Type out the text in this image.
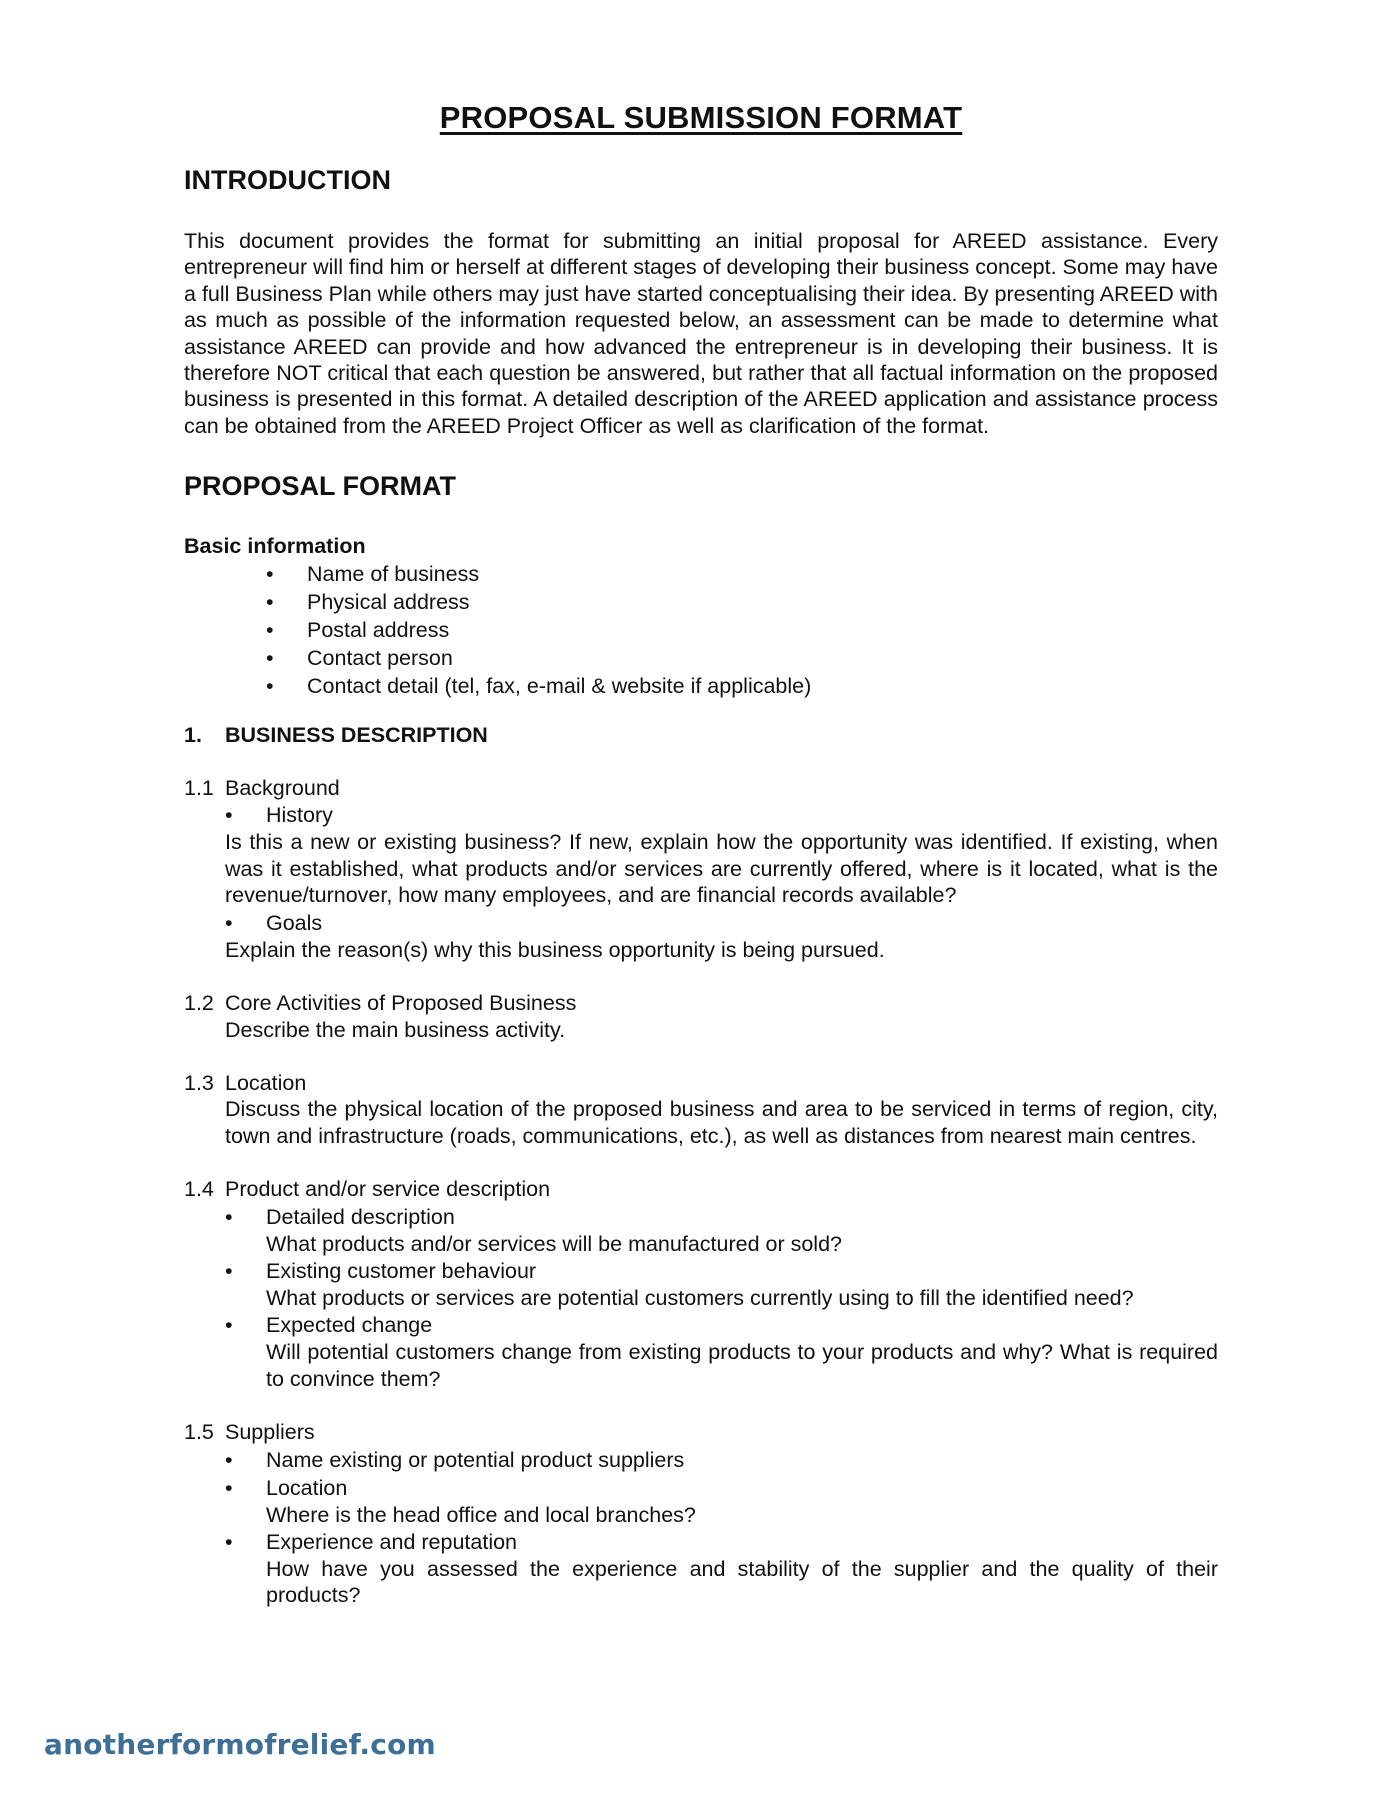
PROPOSAL SUBMISSION FORMAT
INTRODUCTION

This document provides the format for submitting an initial proposal for AREED assistance. Every entrepreneur will find him or herself at different stages of developing their business concept. Some may have a full Business Plan while others may just have started conceptualising their idea. By presenting AREED with as much as possible of the information requested below, an assessment can be made to determine what assistance AREED can provide and how advanced the entrepreneur is in developing their business. It is therefore NOT critical that each question be answered, but rather that all factual information on the proposed business is presented in this format. A detailed description of the AREED application and assistance process can be obtained from the AREED Project Officer as well as clarification of the format.

PROPOSAL FORMAT
Basic information
• Name of business
• Physical address
• Postal address
• Contact person
• Contact detail (tel, fax, e-mail & website if applicable)
1. BUSINESS DESCRIPTION
1.1 Background
• History
Is this a new or existing business? If new, explain how the opportunity was identified. If existing, when was it established, what products and/or services are currently offered, where is it located, what is the revenue/turnover, how many employees, and are financial records available?
• Goals
Explain the reason(s) why this business opportunity is being pursued.
1.2 Core Activities of Proposed Business
Describe the main business activity.
1.3 Location
Discuss the physical location of the proposed business and area to be serviced in terms of region, city, town and infrastructure (roads, communications, etc.), as well as distances from nearest main centres.
1.4 Product and/or service description
• Detailed description
What products and/or services will be manufactured or sold?
• Existing customer behaviour
What products or services are potential customers currently using to fill the identified need?
• Expected change
Will potential customers change from existing products to your products and why? What is required to convince them?
1.5 Suppliers
• Name existing or potential product suppliers
• Location
Where is the head office and local branches?
• Experience and reputation
How have you assessed the experience and stability of the supplier and the quality of their products?
anotherformofrelief.com
